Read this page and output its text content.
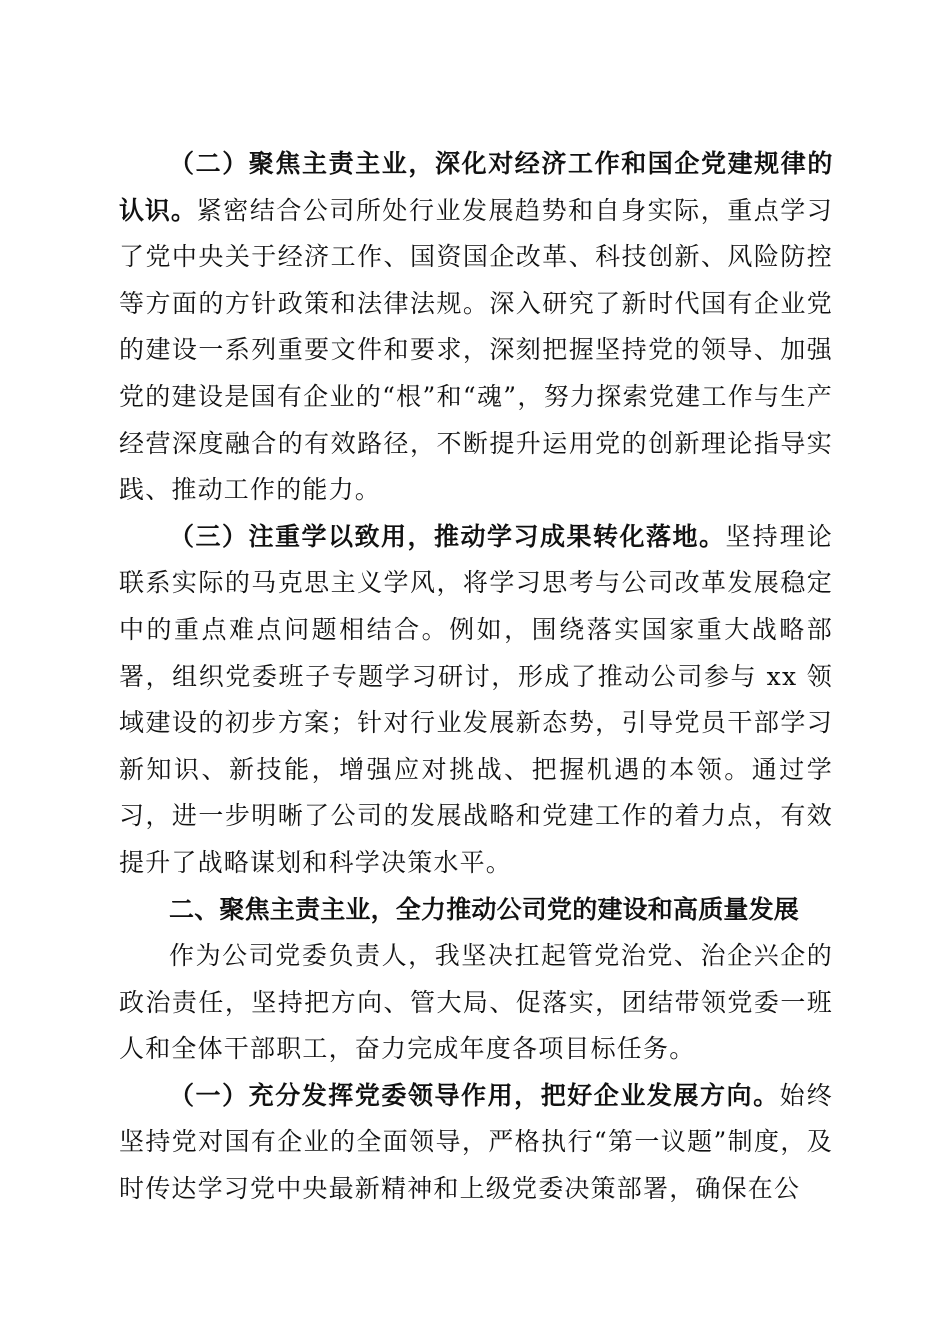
（二）聚焦主责主业，深化对经济工作和国企党建规律的认识。紧密结合公司所处行业发展趋势和自身实际，重点学习了党中央关于经济工作、国资国企改革、科技创新、风险防控等方面的方针政策和法律法规。深入研究了新时代国有企业党的建设一系列重要文件和要求，深刻把握坚持党的领导、加强党的建设是国有企业的“根”和“魂”，努力探索党建工作与生产经营深度融合的有效路径，不断提升运用党的创新理论指导实践、推动工作的能力。

（三）注重学以致用，推动学习成果转化落地。坚持理论联系实际的马克思主义学风，将学习思考与公司改革发展稳定中的重点难点问题相结合。例如，围绕落实国家重大战略部署，组织党委班子专题学习研讨，形成了推动公司参与 xx 领域建设的初步方案；针对行业发展新态势，引导党员干部学习新知识、新技能，增强应对挑战、把握机遇的本领。通过学习，进一步明晰了公司的发展战略和党建工作的着力点，有效提升了战略谋划和科学决策水平。

二、聚焦主责主业，全力推动公司党的建设和高质量发展

作为公司党委负责人，我坚决扛起管党治党、治企兴企的政治责任，坚持把方向、管大局、促落实，团结带领党委一班人和全体干部职工，奋力完成年度各项目标任务。

（一）充分发挥党委领导作用，把好企业发展方向。始终坚持党对国有企业的全面领导，严格执行“第一议题”制度，及时传达学习党中央最新精神和上级党委决策部署，确保在公
